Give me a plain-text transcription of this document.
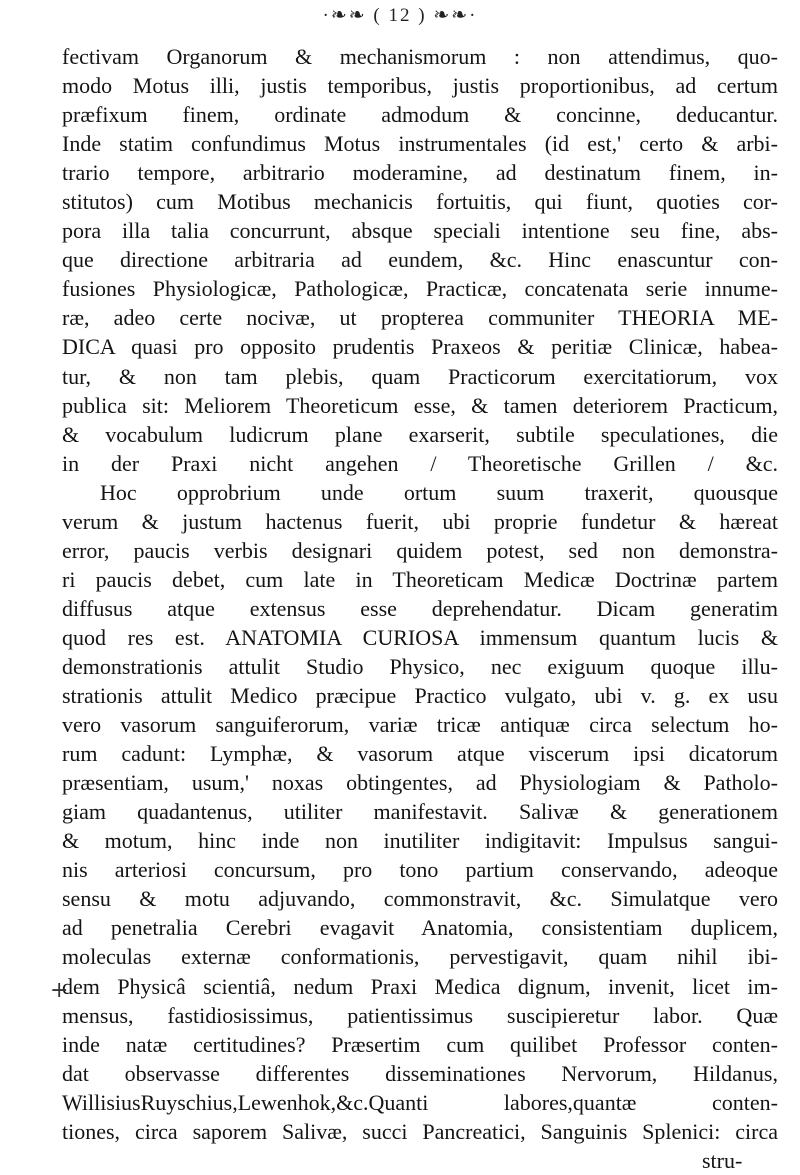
·❧❧ ( 12 ) ❧❧·
fectivam Organorum & mechanismorum : non attendimus, quo-
modo Motus illi, justis temporibus, justis proportionibus, ad certum
præfixum finem, ordinate admodum & concinne, deducantur.
Inde statim confundimus Motus instrumentales (id est,' certo & arbi-
trario tempore, arbitrario moderamine, ad destinatum finem, in-
stitutos) cum Motibus mechanicis fortuitis, qui fiunt, quoties cor-
pora illa talia concurrunt, absque speciali intentione seu fine, abs-
que directione arbitraria ad eundem, &c. Hinc enascuntur con-
fusiones Physiologicæ, Pathologicæ, Practicæ, concatenata serie innume-
ræ, adeo certe nocivæ, ut propterea communiter THEORIA ME-
DICA quasi pro opposito prudentis Praxeos & peritiæ Clinicæ, habea-
tur, & non tam plebis, quam Practicorum exercitatiorum, vox
publica sit: Meliorem Theoreticum esse, & tamen deteriorem Practicum,
& vocabulum ludicrum plane exarserit, subtile speculationes, die
in der Praxi nicht angehen / Theoretische Grillen / &c.
Hoc opprobrium unde ortum suum traxerit, quousque
verum & justum hactenus fuerit, ubi proprie fundetur & hæreat
error, paucis verbis designari quidem potest, sed non demonstra-
ri paucis debet, cum late in Theoreticam Medicæ Doctrinæ partem
diffusus atque extensus esse deprehendatur. Dicam generatim
quod res est. ANATOMIA CURIOSA immensum quantum lucis &
demonstrationis attulit Studio Physico, nec exiguum quoque illu-
strationis attulit Medico præcipue Practico vulgato, ubi v. g. ex usu
vero vasorum sanguiferorum, variæ tricæ antiquæ circa selectum ho-
rum cadunt: Lymphæ, & vasorum atque viscerum ipsi dicatorum
præsentiam, usum,' noxas obtingentes, ad Physiologiam & Patholo-
giam quadantenus, utiliter manifestavit. Salivæ & generationem
& motum, hinc inde non inutiliter indigitavit: Impulsus sangui-
nis arteriosi concursum, pro tono partium conservando, adeoque
sensu & motu adjuvando, commonstravit, &c. Simulatque vero
ad penetralia Cerebri evagavit Anatomia, consistentiam duplicem,
moleculas externæ conformationis, pervestigavit, quam nihil ibi-
dem Physicâ scientiâ, nedum Praxi Medica dignum, invenit, licet im-
mensus, fastidiosissimus, patientissimus suscipieretur labor. Quæ
inde natæ certitudines? Præsertim cum quilibet Professor conten-
dat observasse differentes disseminationes Nervorum, Hildanus,
WillisiusRuyschius,Lewenhok,&c.Quanti labores,quantæ conten-
tiones, circa saporem Salivæ, succi Pancreatici, Sanguinis Splenici: circa
stru-
+
